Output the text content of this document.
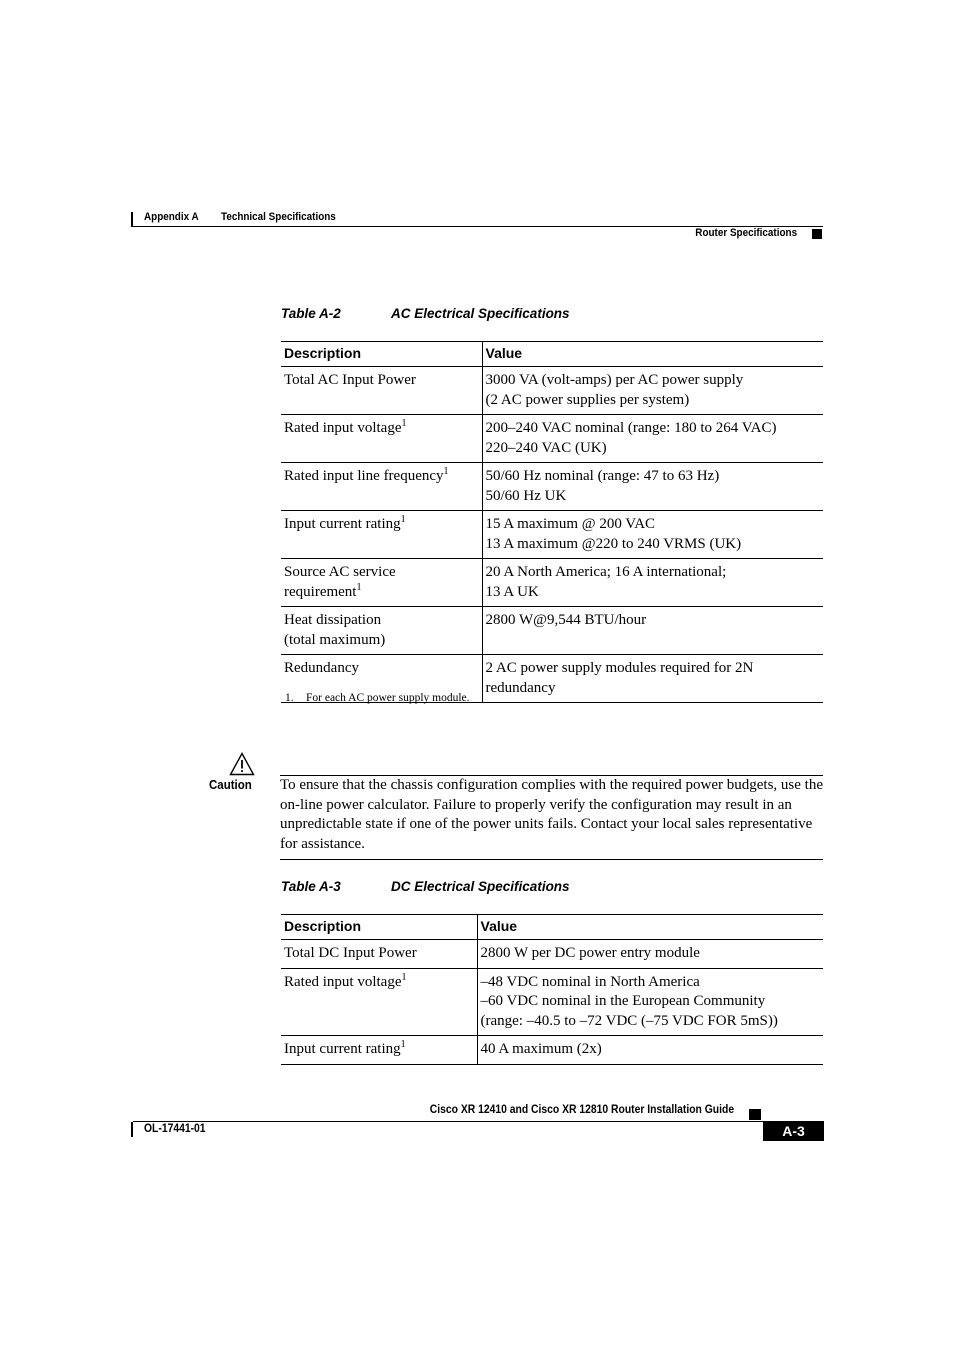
Appendix A Technical Specifications
Router Specifications
Table A-2	AC Electrical Specifications
Description	Value

Total AC Input Power	3000 VA (volt-amps) per AC power supply
(2 AC power supplies per system)

Rated input voltage$^1$	200–240 VAC nominal (range: 180 to 264 VAC)
220–240 VAC (UK)

Rated input line frequency$^1$	50/60 Hz nominal (range: 47 to 63 Hz)
50/60 Hz UK

Input current rating$^1$	15 A maximum @ 200 VAC
13 A maximum @220 to 240 VRMS (UK)

Source AC service
requirement$^1$	20 A North America; 16 A international;
13 A UK

Heat dissipation
(total maximum)	2800 W@9,544 BTU/hour

Redundancy	2 AC power supply modules required for 2N
redundancy
1. For each AC power supply module.
Caution To ensure that the chassis configuration complies with the required power budgets, use the on-line power calculator. Failure to properly verify the configuration may result in an unpredictable state if one of the power units fails. Contact your local sales representative for assistance.
Table A-3	DC Electrical Specifications
Description	Value

Total DC Input Power	2800 W per DC power entry module

Rated input voltage$^1$	–48 VDC nominal in North America
–60 VDC nominal in the European Community
(range: –40.5 to –72 VDC (–75 VDC FOR 5mS))

Input current rating$^1$	40 A maximum (2x)
Cisco XR 12410 and Cisco XR 12810 Router Installation Guide
OL-17441-01	A-3
